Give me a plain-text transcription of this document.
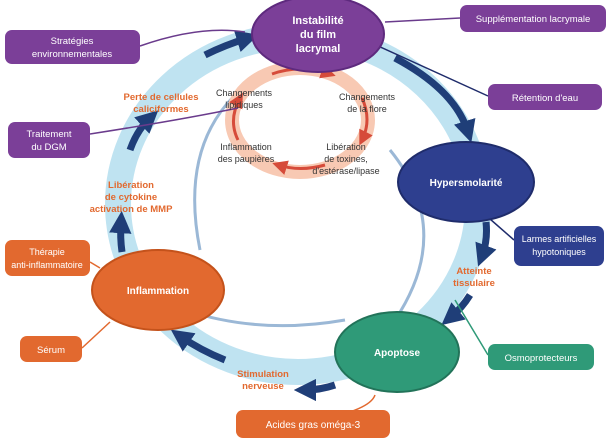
Instabilité
du film
lacrymal
Hypersmolarité
Apoptose
Inflammation
Perte de cellules
caliciformes
Libération
de cytokine
activation de MMP
Atteinte
tissulaire
Stimulation
nerveuse
Changements
lipidiques
Changements
de la flore
Libération
de toxines,
d'estérase/lipase
Inflammation
des paupières
Supplémentation lacrymale
Stratégies
environnementales
Rétention d'eau
Traitement
du DGM
Larmes artificielles
hypotoniques
Thérapie
anti-inflammatoire
Sérum
Osmoprotecteurs
Acides gras oméga-3
